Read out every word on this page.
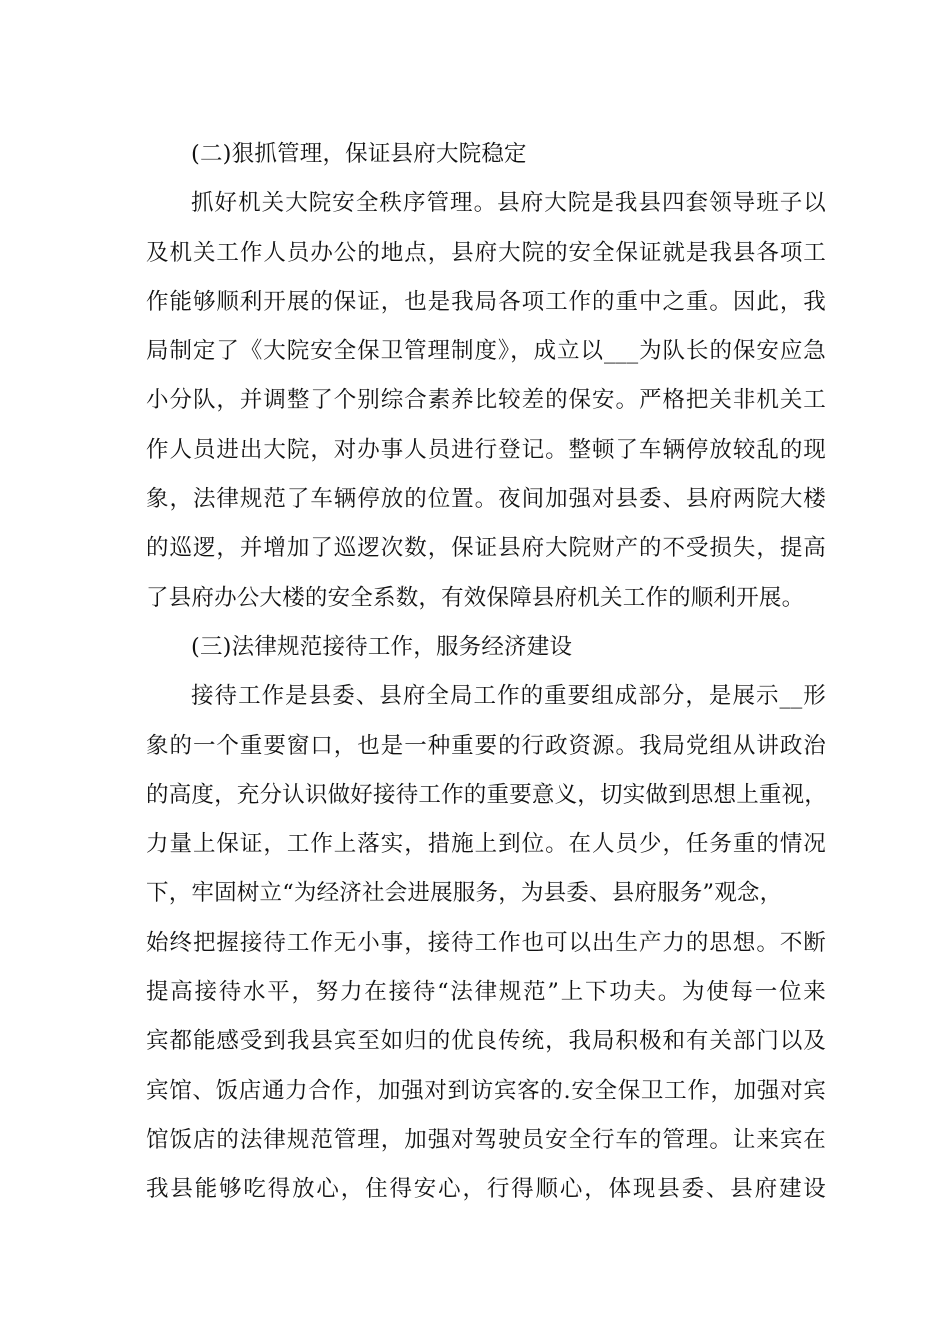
(二)狠抓管理，保证县府大院稳定
抓好机关大院安全秩序管理。县府大院是我县四套领导班子以
及机关工作人员办公的地点，县府大院的安全保证就是我县各项工
作能够顺利开展的保证，也是我局各项工作的重中之重。因此，我
局制定了《大院安全保卫管理制度》，成立以___为队长的保安应急
小分队，并调整了个别综合素养比较差的保安。严格把关非机关工
作人员进出大院，对办事人员进行登记。整顿了车辆停放较乱的现
象，法律规范了车辆停放的位置。夜间加强对县委、县府两院大楼
的巡逻，并增加了巡逻次数，保证县府大院财产的不受损失，提高
了县府办公大楼的安全系数，有效保障县府机关工作的顺利开展。
(三)法律规范接待工作，服务经济建设
接待工作是县委、县府全局工作的重要组成部分，是展示__形
象的一个重要窗口，也是一种重要的行政资源。我局党组从讲政治
的高度，充分认识做好接待工作的重要意义，切实做到思想上重视，
力量上保证，工作上落实，措施上到位。在人员少，任务重的情况
下，牢固树立“为经济社会进展服务，为县委、县府服务”观念，
始终把握接待工作无小事，接待工作也可以出生产力的思想。不断
提高接待水平，努力在接待“法律规范”上下功夫。为使每一位来
宾都能感受到我县宾至如归的优良传统，我局积极和有关部门以及
宾馆、饭店通力合作，加强对到访宾客的.安全保卫工作，加强对宾
馆饭店的法律规范管理，加强对驾驶员安全行车的管理。让来宾在
我县能够吃得放心，住得安心，行得顺心，体现县委、县府建设
